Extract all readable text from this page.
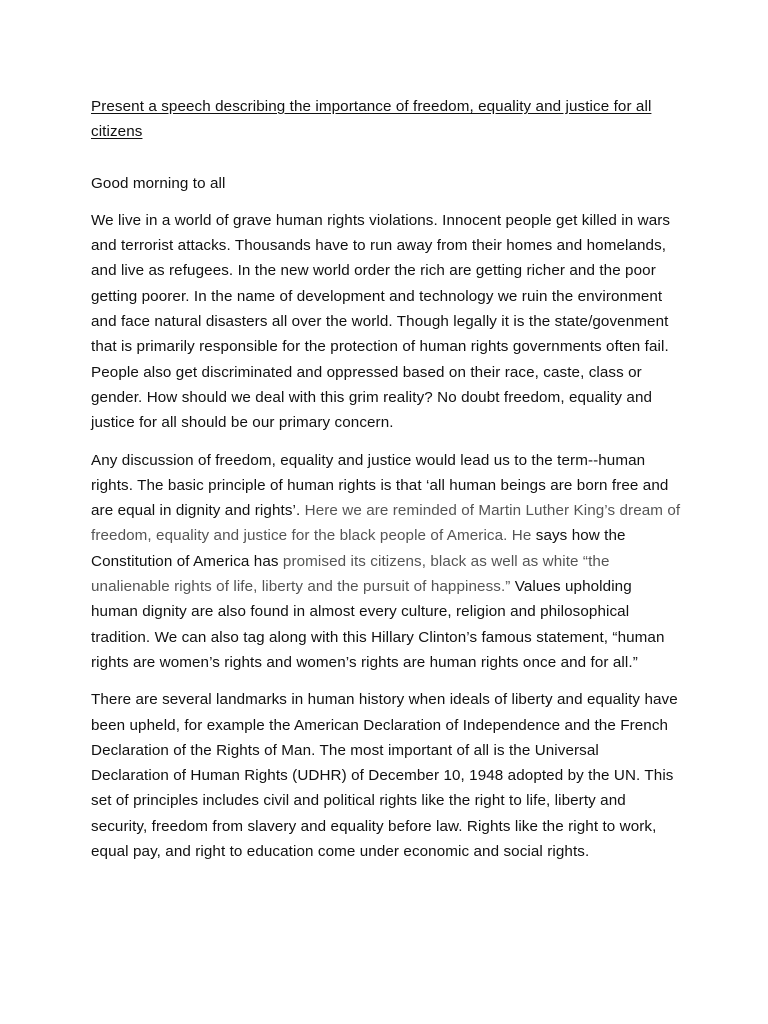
Present a speech describing the importance of freedom, equality and justice for all citizens

Good morning to all

We live in a world of grave human rights violations. Innocent people get killed in wars and terrorist attacks. Thousands have to run away from their homes and homelands, and live as refugees. In the new world order the rich are getting richer and the poor getting poorer. In the name of development and technology we ruin the environment and face natural disasters all over the world. Though legally it is the state/govenment that is primarily responsible for the protection of human rights governments often fail. People also get discriminated and oppressed based on their race, caste, class or gender. How should we deal with this grim reality? No doubt freedom, equality and justice for all should be our primary concern.

Any discussion of freedom, equality and justice would lead us to the term--human rights. The basic principle of human rights is that ‘all human beings are born free and are equal in dignity and rights’. Here we are reminded of Martin Luther King’s dream of freedom, equality and justice for the black people of America. He says how the Constitution of America has promised its citizens, black as well as white “the unalienable rights of life, liberty and the pursuit of happiness.” Values upholding human dignity are also found in almost every culture, religion and philosophical tradition. We can also tag along with this Hillary Clinton’s famous statement, “human rights are women’s rights and women’s rights are human rights once and for all.”

There are several landmarks in human history when ideals of liberty and equality have been upheld, for example the American Declaration of Independence and the French Declaration of the Rights of Man. The most important of all is the Universal Declaration of Human Rights (UDHR) of December 10, 1948 adopted by the UN. This set of principles includes civil and political rights like the right to life, liberty and security, freedom from slavery and equality before law. Rights like the right to work, equal pay, and right to education come under economic and social rights.
